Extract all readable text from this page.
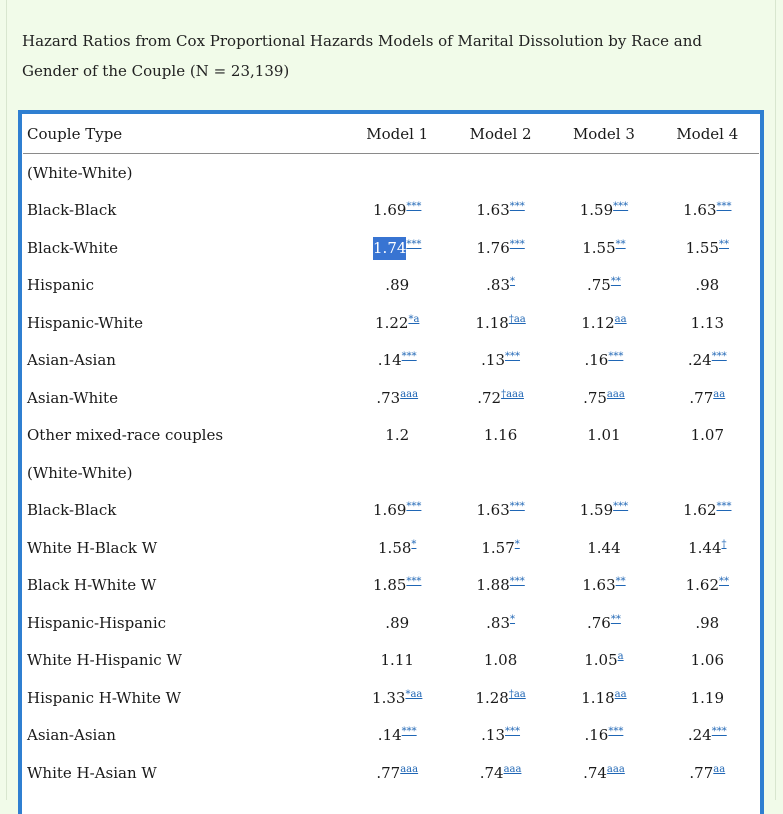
Hazard Ratios from Cox Proportional Hazards Models of Marital Dissolution by Race and Gender of the Couple (N = 23,139)
Couple Type	Model 1	Model 2	Model 3	Model 4
(White-White)				
Black-Black	1.69***	1.63***	1.59***	1.63***
Black-White	1.74***	1.76***	1.55**	1.55**
Hispanic	.89	.83*	.75**	.98
Hispanic-White	1.22$^{*a}$	$1.18^{\dagger aa}$	1.12$^{aa}$	1.13
Asian-Asian	.14***	.13***	.16***	.24***
Asian-White	.73$^{aaa}$	$.72^{\dagger aaa}$	.75$^{aaa}$	.77$^{aa}$
Other mixed-race couples	1.2	1.16	1.01	1.07
(White-White)				
Black-Black	1.69***	1.63***	1.59***	1.62***
White H-Black W	1.58*	1.57*	1.44	1.44†
Black H-White W	1.85***	1.88***	1.63**	1.62**
Hispanic-Hispanic	.89	.83*	.76**	.98
White H-Hispanic W	1.11	1.08	1.05$^a$	1.06
Hispanic H-White W	$1.33^{*aa}$	$1.28^{\dagger aa}$	1.18$^{aa}$	1.19
Asian-Asian	.14***	.13***	.16***	.24***
White H-Asian W	.77$^{aaa}$	.74$^{aaa}$	.74$^{aaa}$	.77$^{aa}$
